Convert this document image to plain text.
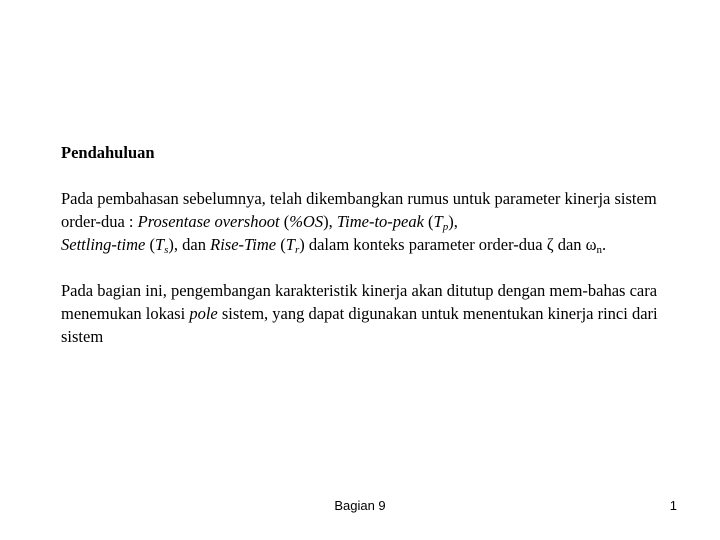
Pendahuluan

Pada pembahasan sebelumnya, telah dikembangkan rumus untuk parameter kinerja sistem order-dua : Prosentase overshoot (%OS), Time-to-peak $(T_p)$,
Settling-time $(T_s)$, dan Rise-Time $(T_r)$ dalam konteks parameter order-dua ζ dan $\omega_n$.

Pada bagian ini, pengembangan karakteristik kinerja akan ditutup dengan mem-bahas cara menemukan lokasi pole sistem, yang dapat digunakan untuk menentukan kinerja rinci dari sistem

Bagian 9	1
